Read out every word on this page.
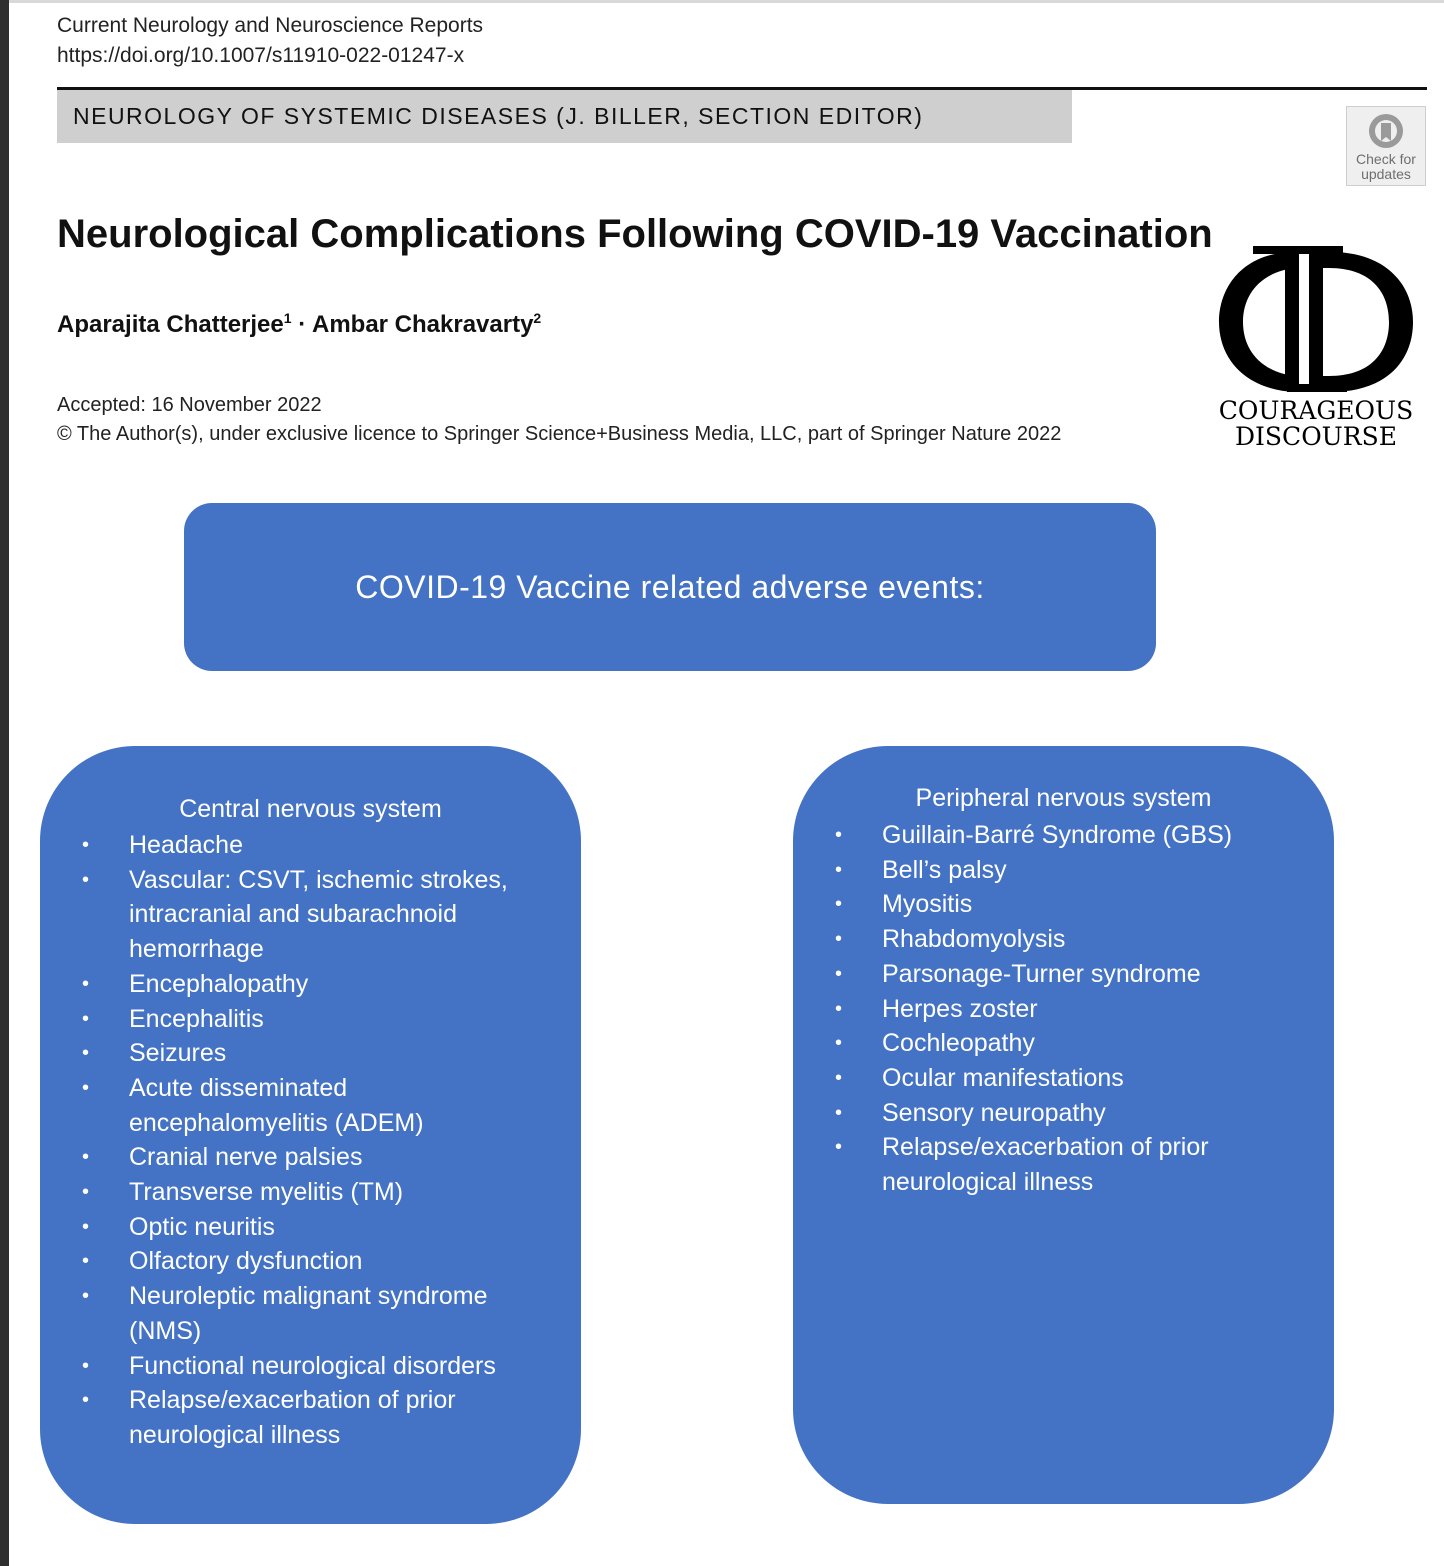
Current Neurology and Neuroscience Reports
https://doi.org/10.1007/s11910-022-01247-x
NEUROLOGY OF SYSTEMIC DISEASES (J. BILLER, SECTION EDITOR)
Check for
updates
Neurological Complications Following COVID-19 Vaccination
Aparajita Chatterjee$^1$ · Ambar Chakravarty$^2$
Accepted: 16 November 2022
© The Author(s), under exclusive licence to Springer Science+Business Media, LLC, part of Springer Nature 2022
COURAGEOUS
DISCOURSE
COVID-19 Vaccine related adverse events:
Central nervous system
• Headache
• Vascular: CSVT, ischemic strokes, intracranial and subarachnoid hemorrhage
• Encephalopathy
• Encephalitis
• Seizures
• Acute disseminated encephalomyelitis (ADEM)
• Cranial nerve palsies
• Transverse myelitis (TM)
• Optic neuritis
• Olfactory dysfunction
• Neuroleptic malignant syndrome (NMS)
• Functional neurological disorders
• Relapse/exacerbation of prior neurological illness
Peripheral nervous system
• Guillain-Barré Syndrome (GBS)
• Bell’s palsy
• Myositis
• Rhabdomyolysis
• Parsonage-Turner syndrome
• Herpes zoster
• Cochleopathy
• Ocular manifestations
• Sensory neuropathy
• Relapse/exacerbation of prior neurological illness
